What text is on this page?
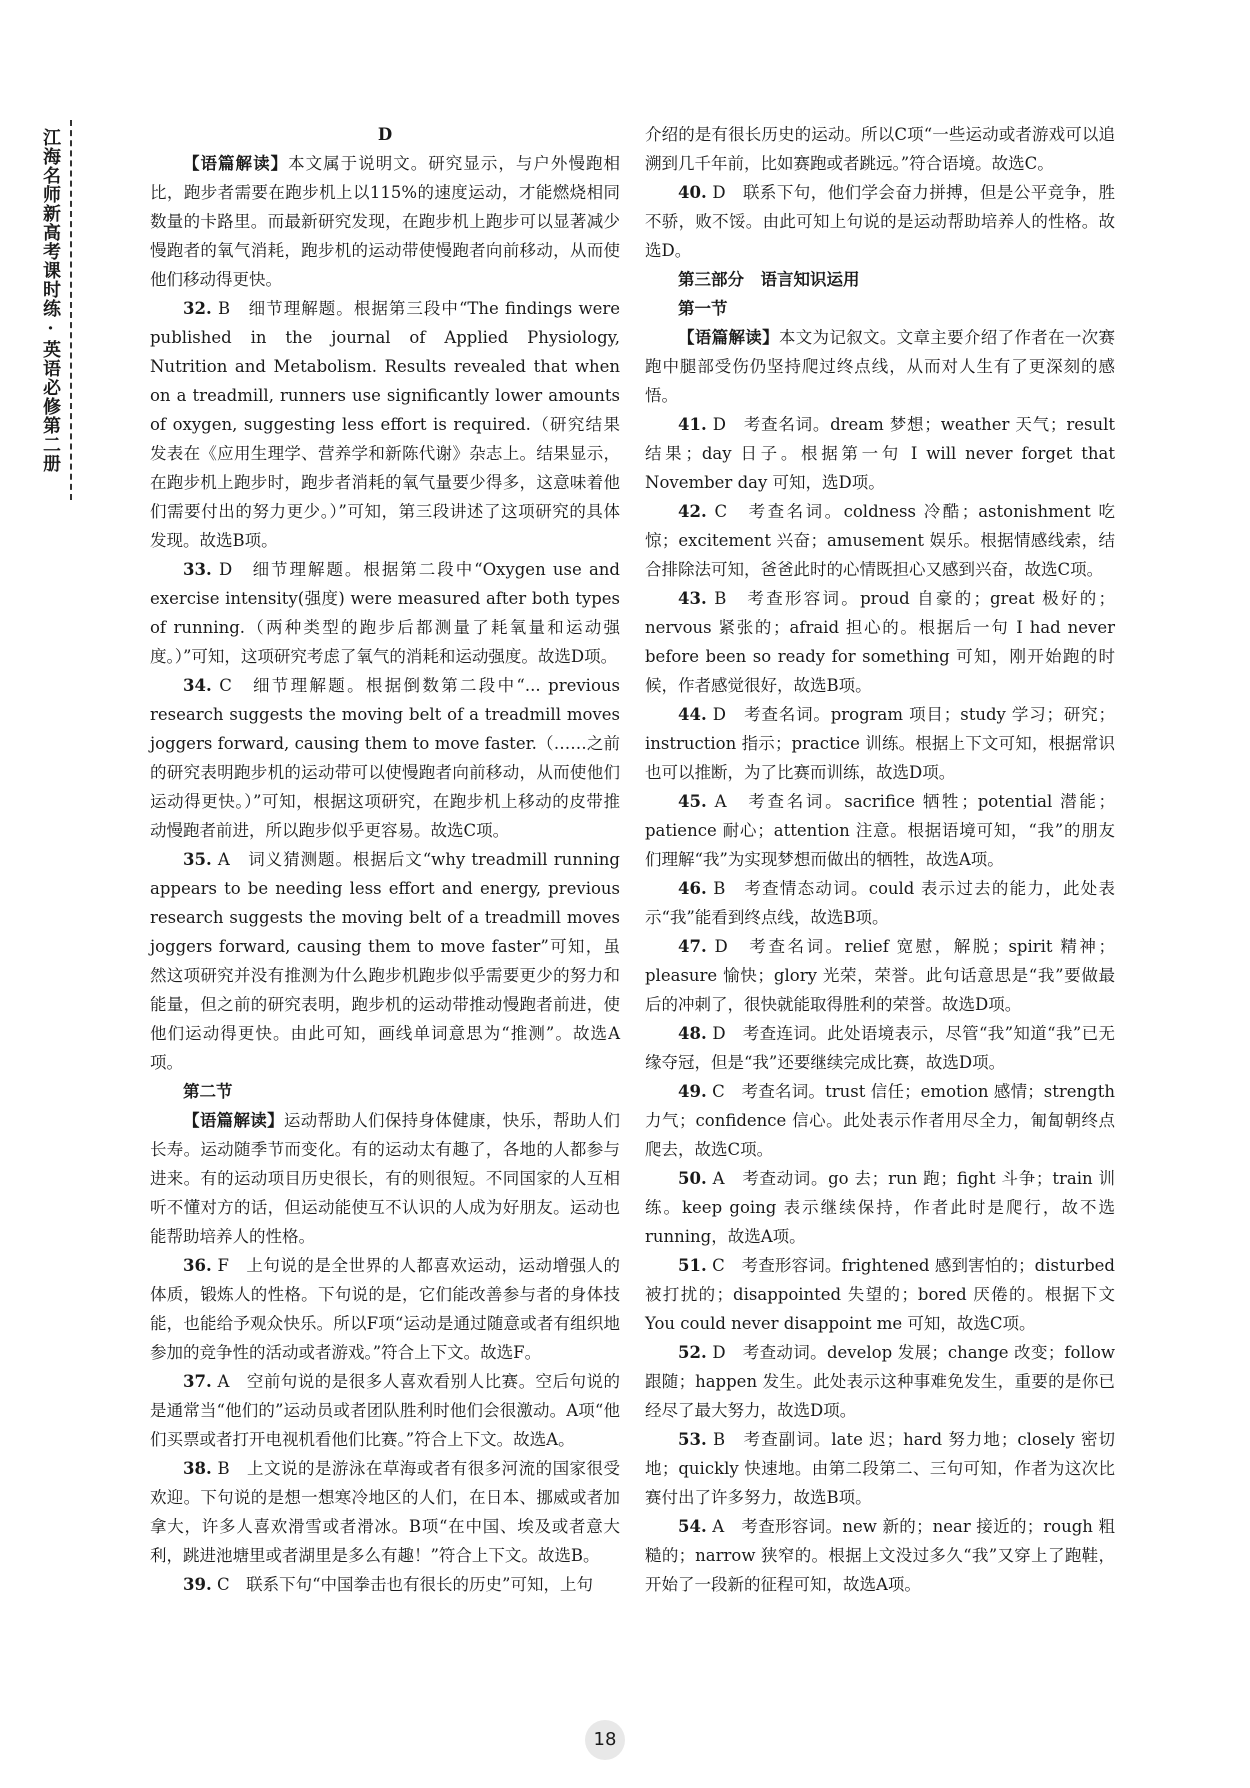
江海名师新高考课时练·英语必修第二册	D

【语篇解读】本文属于说明文。研究显示，与户外慢跑相比，跑步者需要在跑步机上以115%的速度运动，才能燃烧相同数量的卡路里。而最新研究发现，在跑步机上跑步可以显著减少慢跑者的氧气消耗，跑步机的运动带使慢跑者向前移动，从而使他们移动得更快。

32. B　细节理解题。根据第三段中“The findings were published in the journal of Applied Physiology, Nutrition and Metabolism. Results revealed that when on a treadmill, runners use significantly lower amounts of oxygen, suggesting less effort is required.（研究结果发表在《应用生理学、营养学和新陈代谢》杂志上。结果显示，在跑步机上跑步时，跑步者消耗的氧气量要少得多，这意味着他们需要付出的努力更少。）”可知，第三段讲述了这项研究的具体发现。故选B项。

33. D　细节理解题。根据第二段中“Oxygen use and exercise intensity(强度) were measured after both types of running.（两种类型的跑步后都测量了耗氧量和运动强度。）”可知，这项研究考虑了氧气的消耗和运动强度。故选D项。

34. C　细节理解题。根据倒数第二段中“... previous research suggests the moving belt of a treadmill moves joggers forward, causing them to move faster.（……之前的研究表明跑步机的运动带可以使慢跑者向前移动，从而使他们运动得更快。）”可知，根据这项研究，在跑步机上移动的皮带推动慢跑者前进，所以跑步似乎更容易。故选C项。

35. A　词义猜测题。根据后文“why treadmill running appears to be needing less effort and energy, previous research suggests the moving belt of a treadmill moves joggers forward, causing them to move faster”可知，虽然这项研究并没有推测为什么跑步机跑步似乎需要更少的努力和能量，但之前的研究表明，跑步机的运动带推动慢跑者前进，使他们运动得更快。由此可知，画线单词意思为“推测”。故选A项。

第二节

【语篇解读】运动帮助人们保持身体健康，快乐，帮助人们长寿。运动随季节而变化。有的运动太有趣了，各地的人都参与进来。有的运动项目历史很长，有的则很短。不同国家的人互相听不懂对方的话，但运动能使互不认识的人成为好朋友。运动也能帮助培养人的性格。

36. F　上句说的是全世界的人都喜欢运动，运动增强人的体质，锻炼人的性格。下句说的是，它们能改善参与者的身体技能，也能给予观众快乐。所以F项“运动是通过随意或者有组织地参加的竞争性的活动或者游戏。”符合上下文。故选F。

37. A　空前句说的是很多人喜欢看别人比赛。空后句说的是通常当“他们的”运动员或者团队胜利时他们会很激动。A项“他们买票或者打开电视机看他们比赛。”符合上下文。故选A。

38. B　上文说的是游泳在草海或者有很多河流的国家很受欢迎。下句说的是想一想寒冷地区的人们，在日本、挪威或者加拿大，许多人喜欢滑雪或者滑冰。B项“在中国、埃及或者意大利，跳进池塘里或者湖里是多么有趣！”符合上下文。故选B。

39. C　联系下句“中国拳击也有很长的历史”可知，上句

介绍的是有很长历史的运动。所以C项“一些运动或者游戏可以追溯到几千年前，比如赛跑或者跳远。”符合语境。故选C。

40. D　联系下句，他们学会奋力拼搏，但是公平竞争，胜不骄，败不馁。由此可知上句说的是运动帮助培养人的性格。故选D。

第三部分　语言知识运用

第一节

【语篇解读】本文为记叙文。文章主要介绍了作者在一次赛跑中腿部受伤仍坚持爬过终点线，从而对人生有了更深刻的感悟。

41. D　考查名词。dream 梦想；weather 天气；result 结果；day 日子。根据第一句 I will never forget that November day 可知，选D项。

42. C　考查名词。coldness 冷酷；astonishment 吃惊；excitement 兴奋；amusement 娱乐。根据情感线索，结合排除法可知，爸爸此时的心情既担心又感到兴奋，故选C项。

43. B　考查形容词。proud 自豪的；great 极好的；nervous 紧张的；afraid 担心的。根据后一句 I had never before been so ready for something 可知，刚开始跑的时候，作者感觉很好，故选B项。

44. D　考查名词。program 项目；study 学习；研究；instruction 指示；practice 训练。根据上下文可知，根据常识也可以推断，为了比赛而训练，故选D项。

45. A　考查名词。sacrifice 牺牲；potential 潜能；patience 耐心；attention 注意。根据语境可知，“我”的朋友们理解“我”为实现梦想而做出的牺牲，故选A项。

46. B　考查情态动词。could 表示过去的能力，此处表示“我”能看到终点线，故选B项。

47. D　考查名词。relief 宽慰，解脱；spirit 精神；pleasure 愉快；glory 光荣，荣誉。此句话意思是“我”要做最后的冲刺了，很快就能取得胜利的荣誉。故选D项。

48. D　考查连词。此处语境表示，尽管“我”知道“我”已无缘夺冠，但是“我”还要继续完成比赛，故选D项。

49. C　考查名词。trust 信任；emotion 感情；strength 力气；confidence 信心。此处表示作者用尽全力，匍匐朝终点爬去，故选C项。

50. A　考查动词。go 去；run 跑；fight 斗争；train 训练。keep going 表示继续保持，作者此时是爬行，故不选 running，故选A项。

51. C　考查形容词。frightened 感到害怕的；disturbed 被打扰的；disappointed 失望的；bored 厌倦的。根据下文 You could never disappoint me 可知，故选C项。

52. D　考查动词。develop 发展；change 改变；follow 跟随；happen 发生。此处表示这种事难免发生，重要的是你已经尽了最大努力，故选D项。

53. B　考查副词。late 迟；hard 努力地；closely 密切地；quickly 快速地。由第二段第二、三句可知，作者为这次比赛付出了许多努力，故选B项。

54. A　考查形容词。new 新的；near 接近的；rough 粗糙的；narrow 狭窄的。根据上文没过多久“我”又穿上了跑鞋，开始了一段新的征程可知，故选A项。

18
